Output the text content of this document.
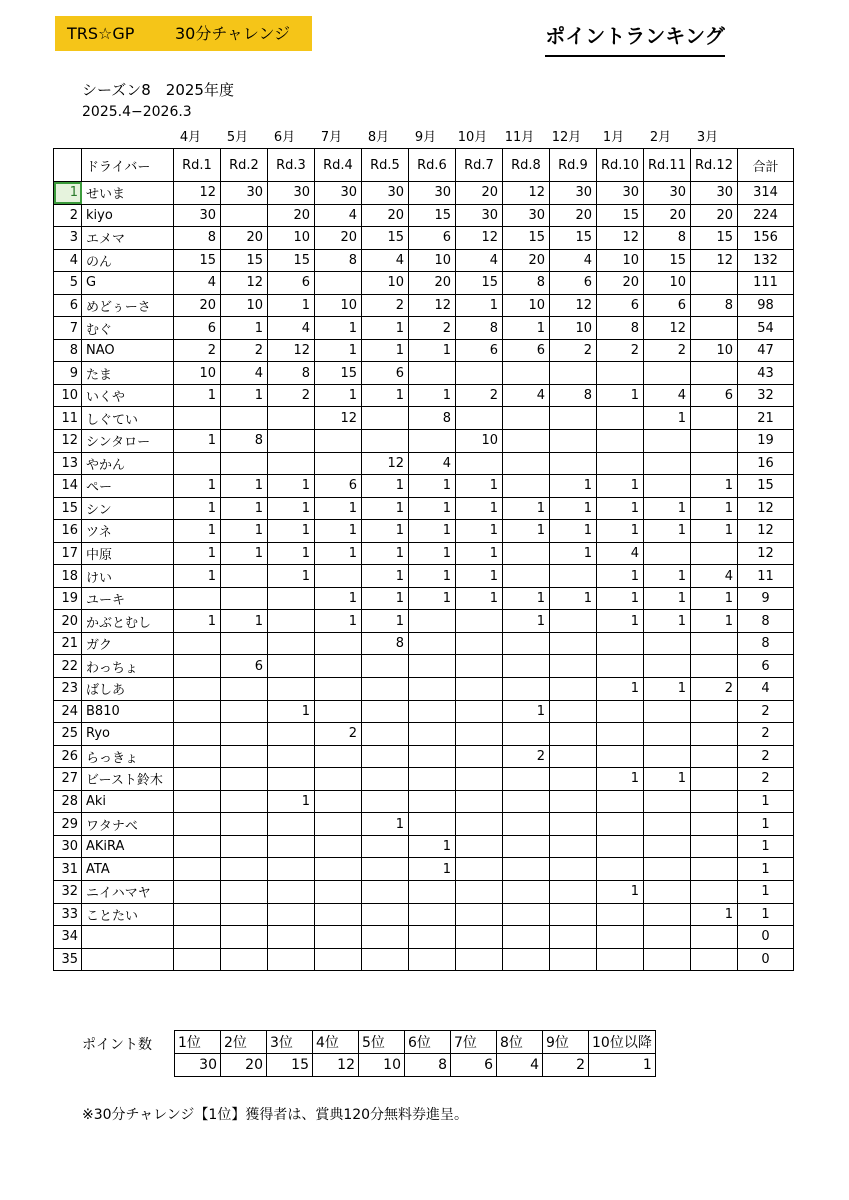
TRS☆GP	30分チャレンジ	ポイントランキング
シーズン8　2025年度
2025.4−2026.3
4月	5月	6月	7月	8月	9月	10月	11月	12月	1月	2月	3月
	ドライバー	Rd.1	Rd.2	Rd.3	Rd.4	Rd.5	Rd.6	Rd.7	Rd.8	Rd.9	Rd.10	Rd.11	Rd.12	合計
1	せいま	12	30	30	30	30	30	20	12	30	30	30	30	314
2	kiyo	30		20	4	20	15	30	30	20	15	20	20	224
3	エメマ	8	20	10	20	15	6	12	15	15	12	8	15	156
4	のん	15	15	15	8	4	10	4	20	4	10	15	12	132
5	G	4	12	6		10	20	15	8	6	20	10		111
6	めどぅーさ	20	10	1	10	2	12	1	10	12	6	6	8	98
7	むぐ	6	1	4	1	1	2	8	1	10	8	12		54
8	NAO	2	2	12	1	1	1	6	6	2	2	2	10	47
9	たま	10	4	8	15	6								43
10	いくや	1	1	2	1	1	1	2	4	8	1	4	6	32
11	しぐてい				12		8					1		21
12	シンタロー	1	8					10						19
13	やかん					12	4							16
14	ペー	1	1	1	6	1	1	1		1	1		1	15
15	シン	1	1	1	1	1	1	1	1	1	1	1	1	12
16	ツネ	1	1	1	1	1	1	1	1	1	1	1	1	12
17	中原	1	1	1	1	1	1	1		1	4			12
18	けい	1		1		1	1	1			1	1	4	11
19	ユーキ				1	1	1	1	1	1	1	1	1	9
20	かぶとむし	1	1		1	1			1		1	1	1	8
21	ガク					8								8
22	わっちょ		6											6
23	ばしあ										1	1	2	4
24	B810			1					1					2
25	Ryo				2									2
26	らっきょ								2					2
27	ビースト鈴木										1	1		2
28	Aki			1										1
29	ワタナベ					1								1
30	AKiRA						1							1
31	ATA						1							1
32	ニイハマヤ										1			1
33	ことたい												1	1
34														0
35														0
ポイント数 1位	2位	3位	4位	5位	6位	7位	8位	9位	10位以降
30	20	15	12	10	8	6	4	2	1
※30分チャレンジ【1位】獲得者は、賞典120分無料券進呈。
